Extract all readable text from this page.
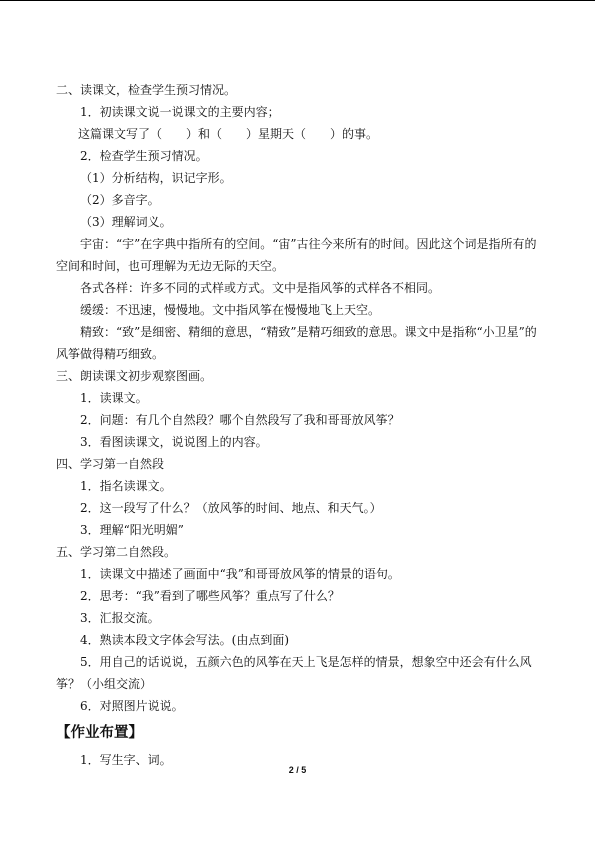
二、读课文，检查学生预习情况。
1．初读课文说一说课文的主要内容；
这篇课文写了（　　）和（　　）星期天（　　）的事。
2．检查学生预习情况。
（1）分析结构，识记字形。
（2）多音字。
（3）理解词义。
宇宙：“宇”在字典中指所有的空间。“宙”古往今来所有的时间。因此这个词是指所有的空间和时间，也可理解为无边无际的天空。
各式各样：许多不同的式样或方式。文中是指风筝的式样各不相同。
缓缓：不迅速，慢慢地。文中指风筝在慢慢地飞上天空。
精致：“致”是细密、精细的意思，“精致”是精巧细致的意思。课文中是指称“小卫星”的风筝做得精巧细致。
三、朗读课文初步观察图画。
1．读课文。
2．问题：有几个自然段？哪个自然段写了我和哥哥放风筝？
3．看图读课文，说说图上的内容。
四、学习第一自然段
1．指名读课文。
2．这一段写了什么？（放风筝的时间、地点、和天气。）
3．理解“阳光明媚”
五、学习第二自然段。
1．读课文中描述了画面中“我”和哥哥放风筝的情景的语句。
2．思考：“我”看到了哪些风筝？重点写了什么？
3．汇报交流。
4．熟读本段文字体会写法。(由点到面)
5．用自己的话说说，五颜六色的风筝在天上飞是怎样的情景，想象空中还会有什么风筝？（小组交流）
6．对照图片说说。
【作业布置】
1．写生字、词。
2 / 5
